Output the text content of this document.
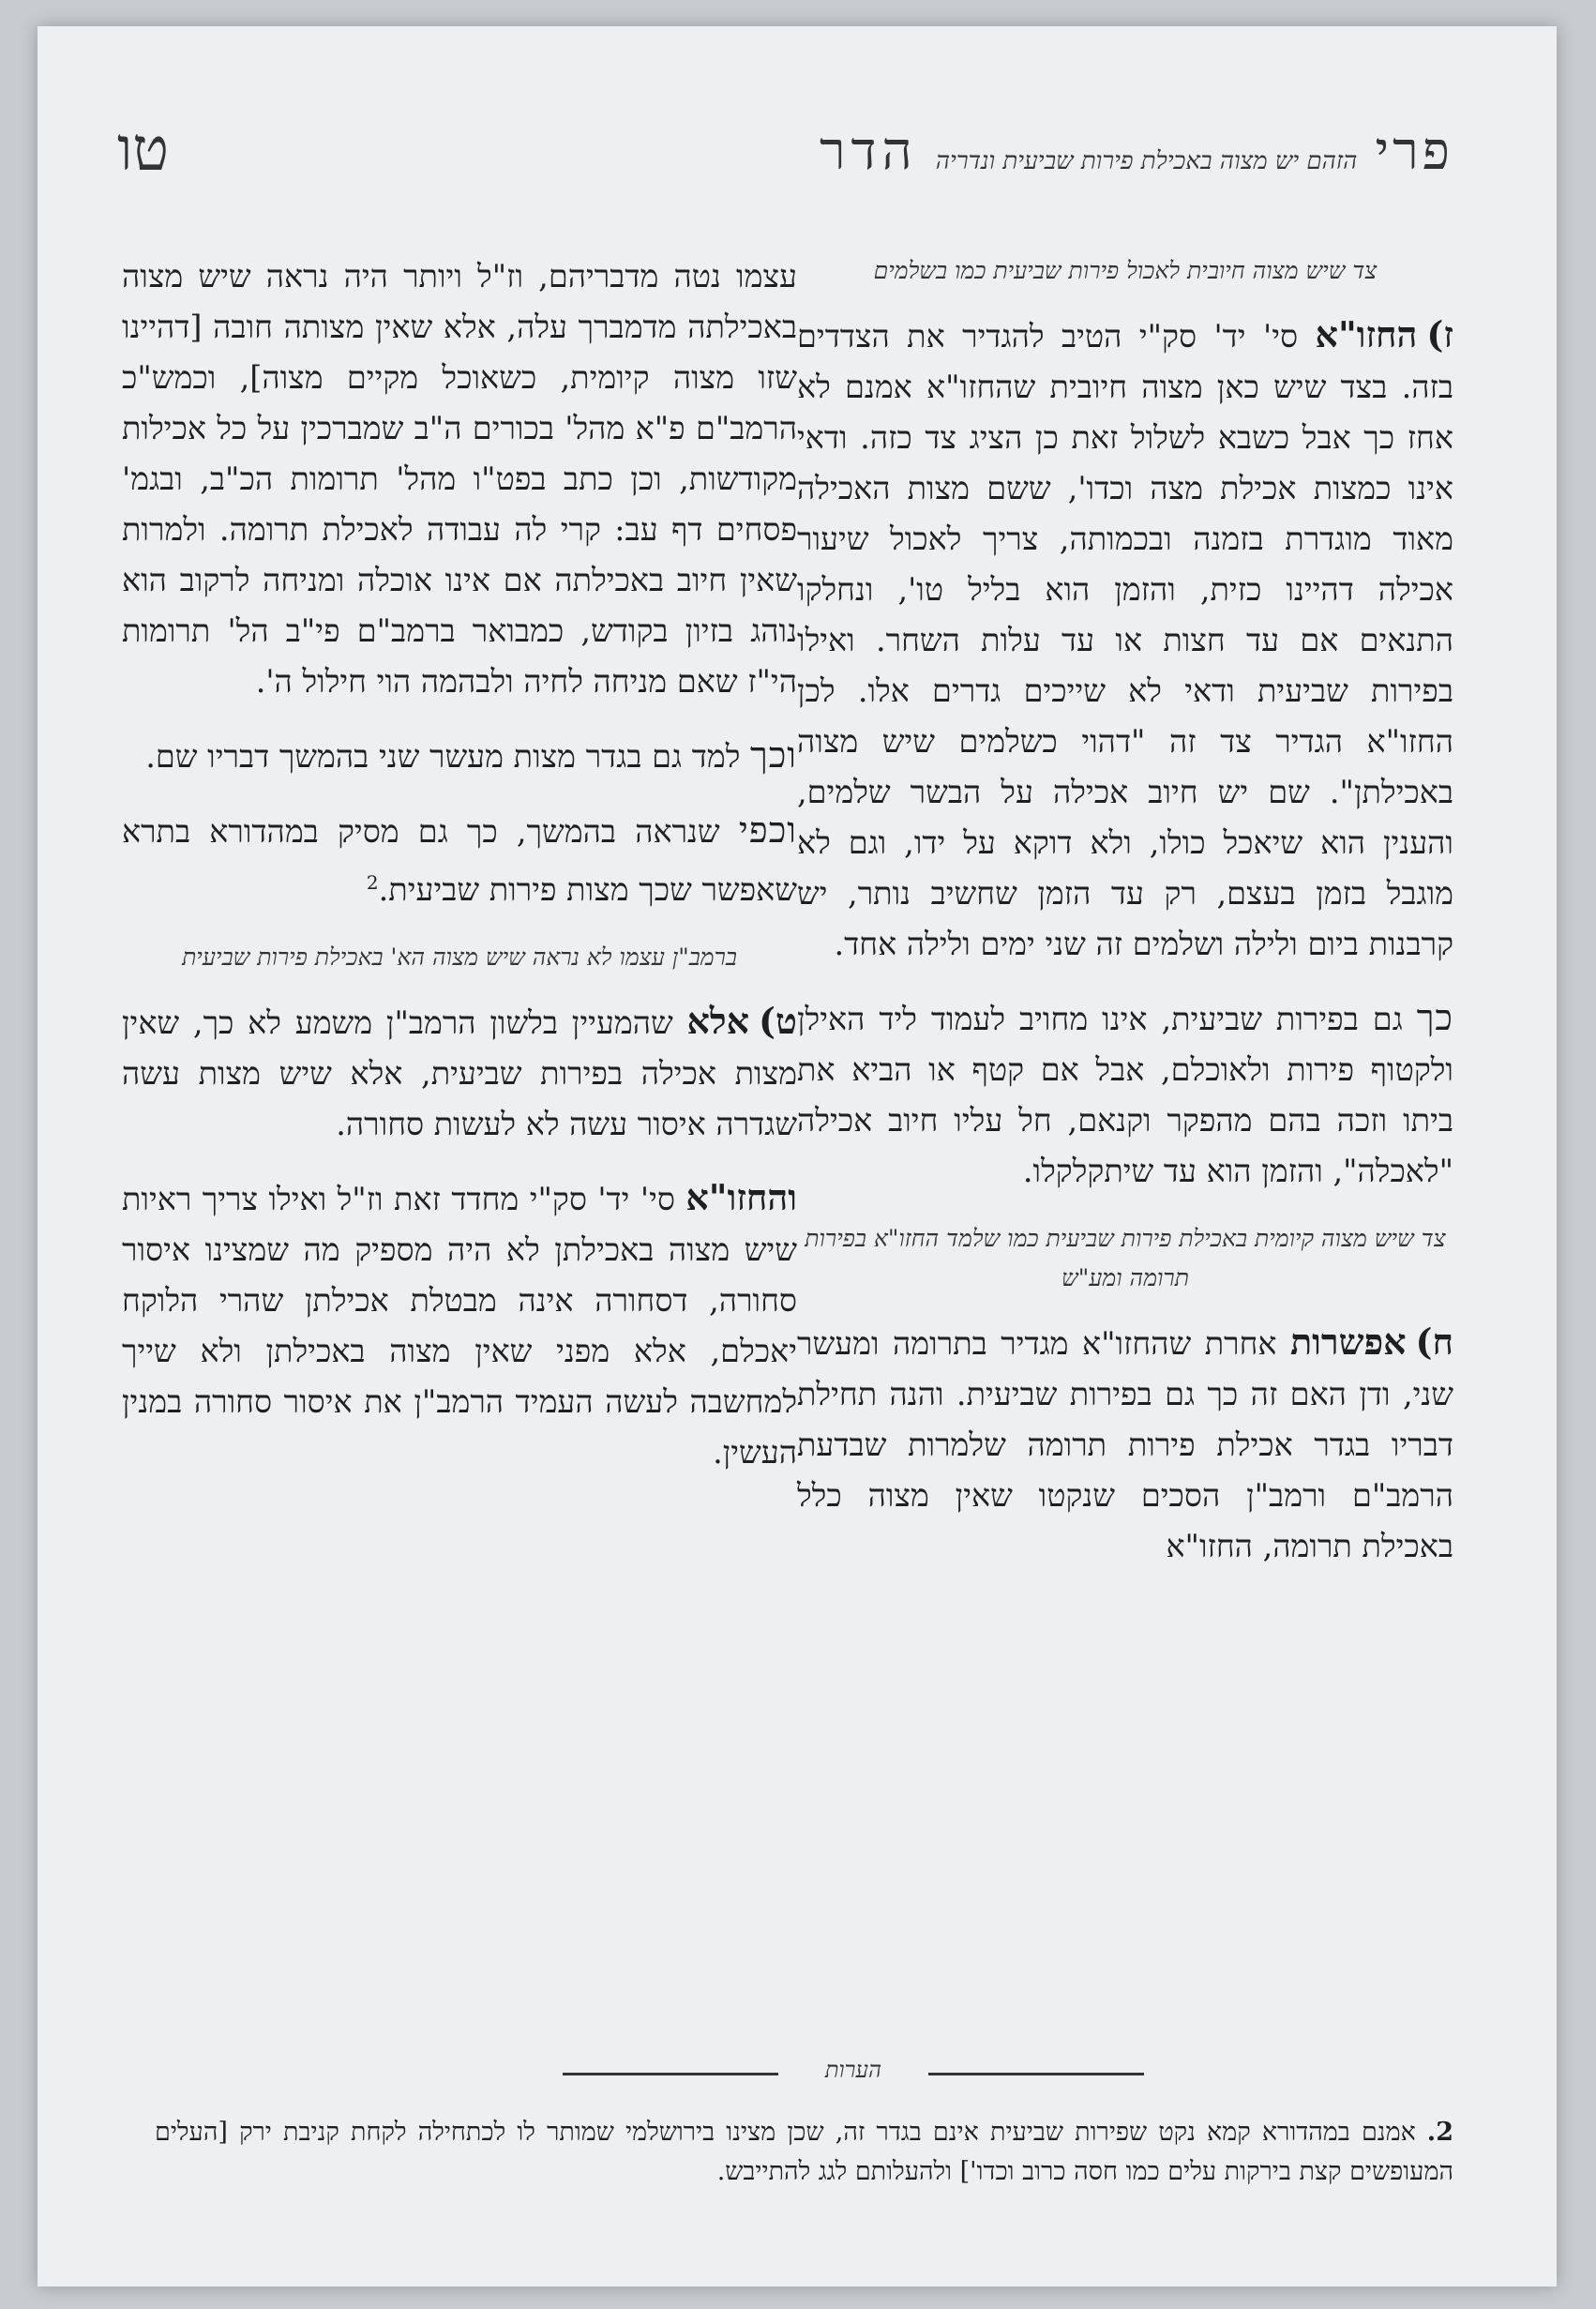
טו	פרי הזהם יש מצוה באכילת פירות שביעית ונדריה הדר
צד שיש מצוה חיובית לאכול פירות שביעית כמו בשלמים

ז)החזו"א סי' יד' סק"י הטיב להגדיר את הצדדים בזה. בצד שיש כאן מצוה חיובית שהחזו"א אמנם לא אחז כך אבל כשבא לשלול זאת כן הציג צד כזה. ודאי אינו כמצות אכילת מצה וכדו', ששם מצות האכילה מאוד מוגדרת בזמנה ובכמותה, צריך לאכול שיעור אכילה דהיינו כזית, והזמן הוא בליל טו', ונחלקו התנאים אם עד חצות או עד עלות השחר. ואילו בפירות שביעית ודאי לא שייכים גדרים אלו. לכן החזו"א הגדיר צד זה "דהוי כשלמים שיש מצוה באכילתן". שם יש חיוב אכילה על הבשר שלמים, והענין הוא שיאכל כולו, ולא דוקא על ידו, וגם לא מוגבל בזמן בעצם, רק עד הזמן שחשיב נותר, יש קרבנות ביום ולילה ושלמים זה שני ימים ולילה אחד.

כך גם בפירות שביעית, אינו מחויב לעמוד ליד האילן ולקטוף פירות ולאוכלם, אבל אם קטף או הביא את ביתו וזכה בהם מהפקר וקנאם, חל עליו חיוב אכילה "לאכלה", והזמן הוא עד שיתקלקלו.

צד שיש מצוה קיומית באכילת פירות שביעית כמו שלמד החזו"א בפירות תרומה ומע"ש

ח)אפשרות אחרת שהחזו"א מגדיר בתרומה ומעשר שני, ודן האם זה כך גם בפירות שביעית. והנה תחילת דבריו בגדר אכילת פירות תרומה שלמרות שבדעת הרמב"ם ורמב"ן הסכים שנקטו שאין מצוה כלל באכילת תרומה, החזו"א

עצמו נטה מדבריהם, וז"ל ויותר היה נראה שיש מצוה באכילתה מדמברך עלה, אלא שאין מצותה חובה [דהיינו שזו מצוה קיומית, כשאוכל מקיים מצוה], וכמש"כ הרמב"ם פ"א מהל' בכורים ה"ב שמברכין על כל אכילות מקודשות, וכן כתב בפט"ו מהל' תרומות הכ"ב, ובגמ' פסחים דף עב: קרי לה עבודה לאכילת תרומה. ולמרות שאין חיוב באכילתה אם אינו אוכלה ומניחה לרקוב הוא נוהג בזיון בקודש, כמבואר ברמב"ם פי"ב הל' תרומות הי"ז שאם מניחה לחיה ולבהמה הוי חילול ה'.

וכך למד גם בגדר מצות מעשר שני בהמשך דבריו שם.

וכפי שנראה בהמשך, כך גם מסיק במהדורא בתרא שאפשר שכך מצות פירות שביעית.$^2$

ברמב"ן עצמו לא נראה שיש מצוה הא' באכילת פירות שביעית

ט)אלא שהמעיין בלשון הרמב"ן משמע לא כך, שאין מצות אכילה בפירות שביעית, אלא שיש מצות עשה שגדרה איסור עשה לא לעשות סחורה.

והחזו"א סי' יד' סק"י מחדד זאת וז"ל ואילו צריך ראיות שיש מצוה באכילתן לא היה מספיק מה שמצינו איסור סחורה, דסחורה אינה מבטלת אכילתן שהרי הלוקח יאכלם, אלא מפני שאין מצוה באכילתן ולא שייך למחשבה לעשה העמיד הרמב"ן את איסור סחורה במנין העשין.

הערות
2.אמנם במהדורא קמא נקט שפירות שביעית אינם בגדר זה, שכן מצינו בירושלמי שמותר לו לכתחילה לקחת קניבת ירק [העלים המעופשים קצת בירקות עלים כמו חסה כרוב וכדו'] ולהעלותם לגג להתייבש.
